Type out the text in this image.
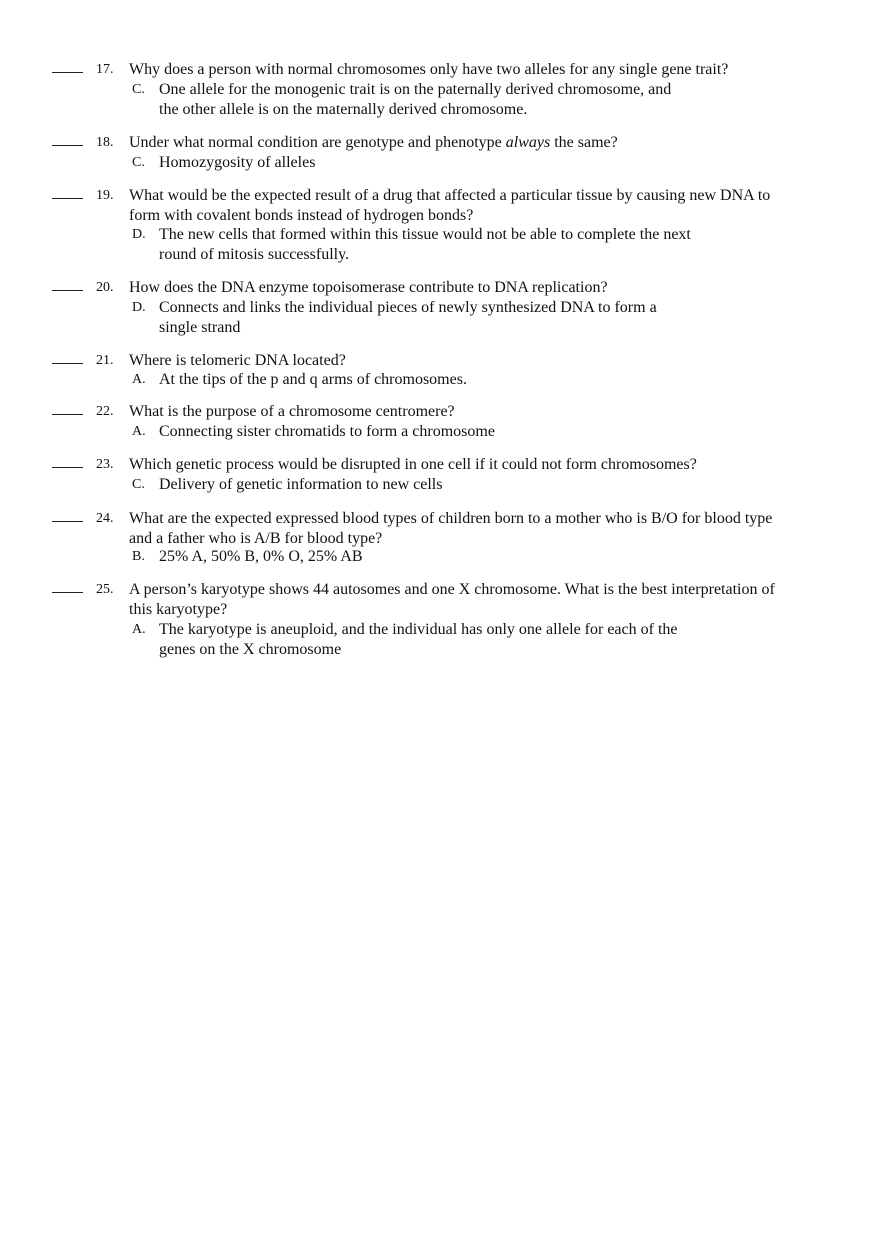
17. Why does a person with normal chromosomes only have two alleles for any single gene trait?
C. One allele for the monogenic trait is on the paternally derived chromosome, and
the other allele is on the maternally derived chromosome.
18. Under what normal condition are genotype and phenotype always the same?
C. Homozygosity of alleles
19. What would be the expected result of a drug that affected a particular tissue by causing new DNA to
form with covalent bonds instead of hydrogen bonds?
D. The new cells that formed within this tissue would not be able to complete the next
round of mitosis successfully.
20. How does the DNA enzyme topoisomerase contribute to DNA replication?
D. Connects and links the individual pieces of newly synthesized DNA to form a
single strand
21. Where is telomeric DNA located?
A. At the tips of the p and q arms of chromosomes.
22. What is the purpose of a chromosome centromere?
A. Connecting sister chromatids to form a chromosome
23. Which genetic process would be disrupted in one cell if it could not form chromosomes?
C. Delivery of genetic information to new cells
24. What are the expected expressed blood types of children born to a mother who is B/O for blood type
and a father who is A/B for blood type?
B. 25% A, 50% B, 0% O, 25% AB
25. A person’s karyotype shows 44 autosomes and one X chromosome. What is the best interpretation of
this karyotype?
A. The karyotype is aneuploid, and the individual has only one allele for each of the
genes on the X chromosome
